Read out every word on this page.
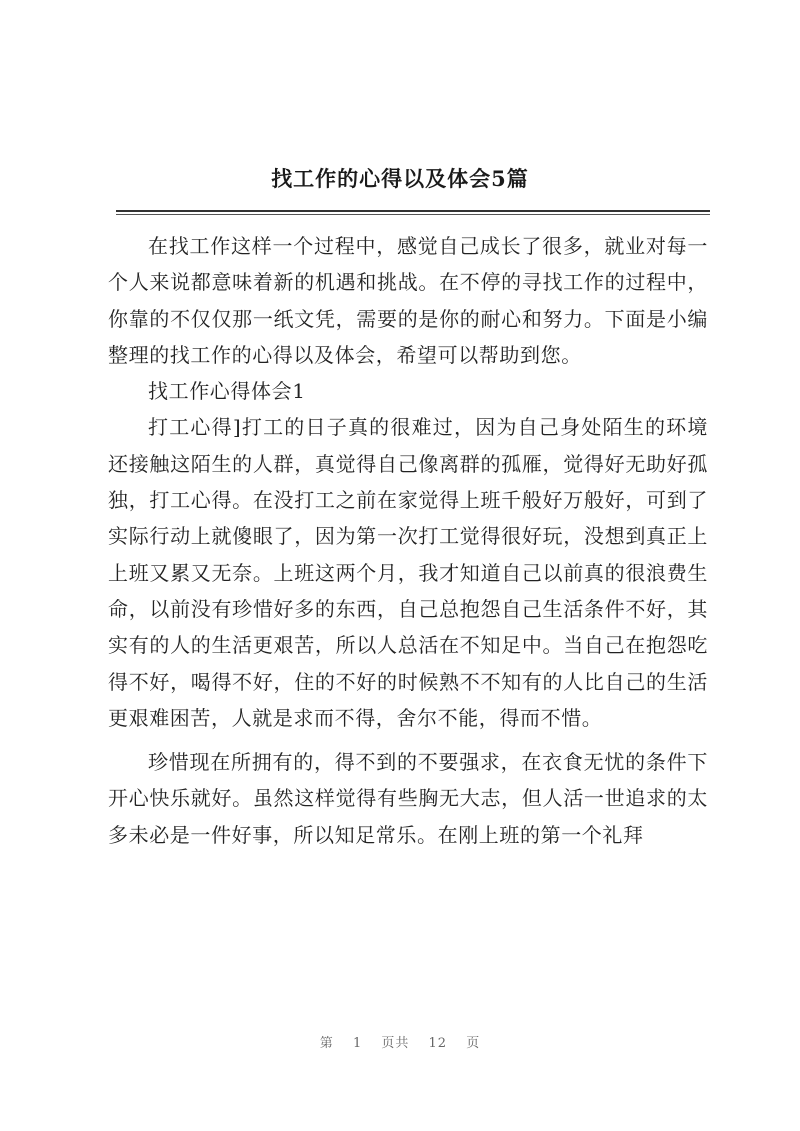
找工作的心得以及体会5篇

在找工作这样一个过程中，感觉自己成长了很多，就业对每一个人来说都意味着新的机遇和挑战。在不停的寻找工作的过程中，你靠的不仅仅那一纸文凭，需要的是你的耐心和努力。下面是小编整理的找工作的心得以及体会，希望可以帮助到您。

找工作心得体会1

打工心得]打工的日子真的很难过，因为自己身处陌生的环境还接触这陌生的人群，真觉得自己像离群的孤雁，觉得好无助好孤独，打工心得。在没打工之前在家觉得上班千般好万般好，可到了实际行动上就傻眼了，因为第一次打工觉得很好玩，没想到真正上上班又累又无奈。上班这两个月，我才知道自己以前真的很浪费生命，以前没有珍惜好多的东西，自己总抱怨自己生活条件不好，其实有的人的生活更艰苦，所以人总活在不知足中。当自己在抱怨吃得不好，喝得不好，住的不好的时候熟不不知有的人比自己的生活更艰难困苦，人就是求而不得，舍尔不能，得而不惜。

珍惜现在所拥有的，得不到的不要强求，在衣食无忧的条件下开心快乐就好。虽然这样觉得有些胸无大志，但人活一世追求的太多未必是一件好事，所以知足常乐。在刚上班的第一个礼拜

第 1 页共 12 页
